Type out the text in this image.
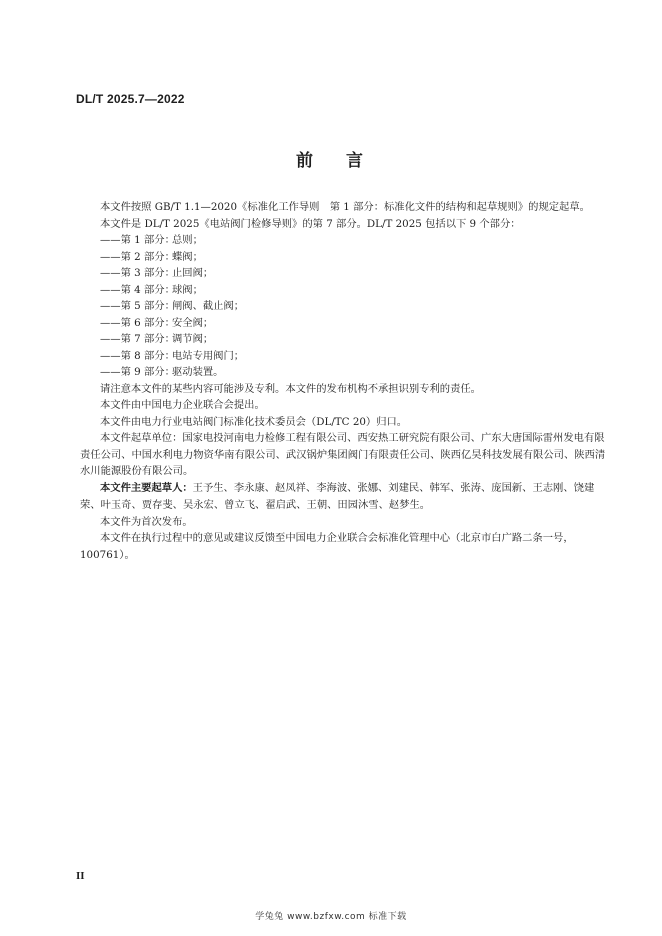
DL/T 2025.7—2022
前 言

本文件按照 GB/T 1.1—2020《标准化工作导则　第 1 部分：标准化文件的结构和起草规则》的规定起草。

本文件是 DL/T 2025《电站阀门检修导则》的第 7 部分。DL/T 2025 包括以下 9 个部分：

——第 1 部分：总则；
——第 2 部分：蝶阀；
——第 3 部分：止回阀；
——第 4 部分：球阀；
——第 5 部分：闸阀、截止阀；
——第 6 部分：安全阀；
——第 7 部分：调节阀；
——第 8 部分：电站专用阀门；
——第 9 部分：驱动装置。

请注意本文件的某些内容可能涉及专利。本文件的发布机构不承担识别专利的责任。

本文件由中国电力企业联合会提出。

本文件由电力行业电站阀门标准化技术委员会（DL/TC 20）归口。

本文件起草单位：国家电投河南电力检修工程有限公司、西安热工研究院有限公司、广东大唐国际雷州发电有限责任公司、中国水利电力物资华南有限公司、武汉锅炉集团阀门有限责任公司、陕西亿昊科技发展有限公司、陕西清水川能源股份有限公司。

本文件主要起草人：王予生、李永康、赵凤祥、李海波、张娜、刘建民、韩军、张涛、庞国新、王志刚、饶建荣、叶玉奇、贾存斐、吴永宏、曾立飞、翟启武、王朝、田园沐雪、赵梦生。

本文件为首次发布。

本文件在执行过程中的意见或建议反馈至中国电力企业联合会标准化管理中心（北京市白广路二条一号，100761）。

II
学兔兔 www.bzfxw.com 标准下载
